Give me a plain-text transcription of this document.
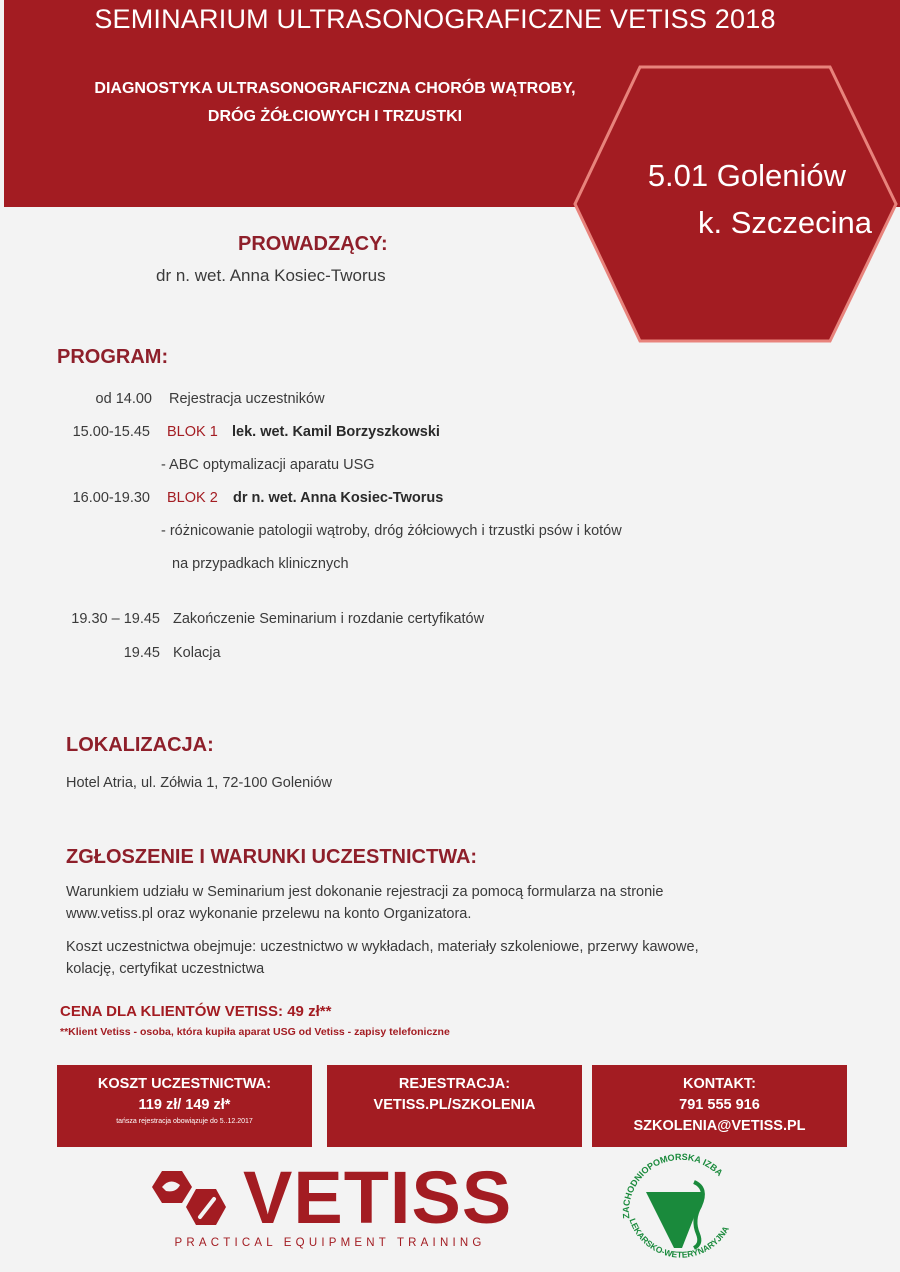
SEMINARIUM ULTRASONOGRAFICZNE VETISS 2018
DIAGNOSTYKA ULTRASONOGRAFICZNA CHORÓB WĄTROBY,
DRÓG ŻÓŁCIOWYCH I TRZUSTKI
5.01 Goleniów
k. Szczecina
PROWADZĄCY:
dr n. wet. Anna Kosiec-Tworus
PROGRAM:
od 14.00 Rejestracja uczestników
15.00-15.45 BLOK 1 lek. wet. Kamil Borzyszkowski
- ABC optymalizacji aparatu USG
16.00-19.30 BLOK 2 dr n. wet. Anna Kosiec-Tworus
- różnicowanie patologii wątroby, dróg żółciowych i trzustki psów i kotów
na przypadkach klinicznych
19.30 – 19.45 Zakończenie Seminarium i rozdanie certyfikatów
19.45 Kolacja
LOKALIZACJA:
Hotel Atria, ul. Zółwia 1, 72-100 Goleniów
ZGŁOSZENIE I WARUNKI UCZESTNICTWA:
Warunkiem udziału w Seminarium jest dokonanie rejestracji za pomocą formularza na stronie
www.vetiss.pl oraz wykonanie przelewu na konto Organizatora.
Koszt uczestnictwa obejmuje: uczestnictwo w wykładach, materiały szkoleniowe, przerwy kawowe,
kolację, certyfikat uczestnictwa
CENA DLA KLIENTÓW VETISS: 49 zł**
**Klient Vetiss - osoba, która kupiła aparat USG od Vetiss - zapisy telefoniczne
KOSZT UCZESTNICTWA:
119 zł/ 149 zł*
tańsza rejestracja obowiązuje do 5..12.2017
REJESTRACJA:
VETISS.PL/SZKOLENIA
KONTAKT:
791 555 916
SZKOLENIA@VETISS.PL
VETISS
PRACTICAL EQUIPMENT TRAINING
ZACHODNIOPOMORSKA IZBA
LEKARSKO-WETERYNARYJNA
